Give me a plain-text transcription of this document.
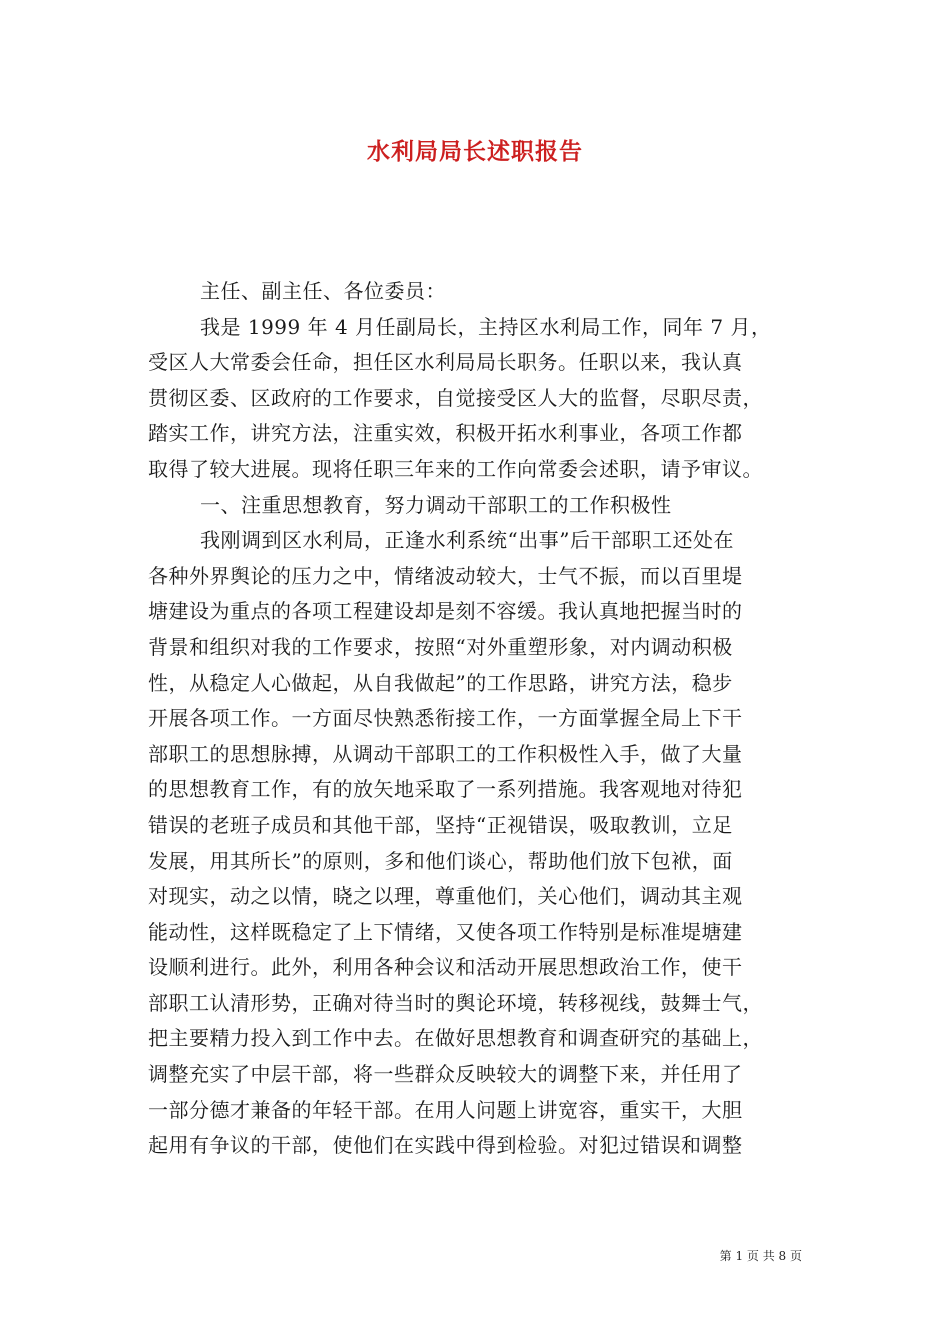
水利局局长述职报告
主任、副主任、各位委员：
我是 1999 年 4 月任副局长，主持区水利局工作，同年 7 月，
受区人大常委会任命，担任区水利局局长职务。任职以来，我认真
贯彻区委、区政府的工作要求，自觉接受区人大的监督，尽职尽责，
踏实工作，讲究方法，注重实效，积极开拓水利事业，各项工作都
取得了较大进展。现将任职三年来的工作向常委会述职，请予审议。
一、注重思想教育，努力调动干部职工的工作积极性
我刚调到区水利局，正逢水利系统“出事”后干部职工还处在
各种外界舆论的压力之中，情绪波动较大，士气不振，而以百里堤
塘建设为重点的各项工程建设却是刻不容缓。我认真地把握当时的
背景和组织对我的工作要求，按照“对外重塑形象，对内调动积极
性，从稳定人心做起，从自我做起”的工作思路，讲究方法，稳步
开展各项工作。一方面尽快熟悉衔接工作，一方面掌握全局上下干
部职工的思想脉搏，从调动干部职工的工作积极性入手，做了大量
的思想教育工作，有的放矢地采取了一系列措施。我客观地对待犯
错误的老班子成员和其他干部，坚持“正视错误，吸取教训，立足
发展，用其所长”的原则，多和他们谈心，帮助他们放下包袱，面
对现实，动之以情，晓之以理，尊重他们，关心他们，调动其主观
能动性，这样既稳定了上下情绪，又使各项工作特别是标准堤塘建
设顺利进行。此外，利用各种会议和活动开展思想政治工作，使干
部职工认清形势，正确对待当时的舆论环境，转移视线，鼓舞士气，
把主要精力投入到工作中去。在做好思想教育和调查研究的基础上，
调整充实了中层干部，将一些群众反映较大的调整下来，并任用了
一部分德才兼备的年轻干部。在用人问题上讲宽容，重实干，大胆
起用有争议的干部，使他们在实践中得到检验。对犯过错误和调整
第 1 页 共 8 页
